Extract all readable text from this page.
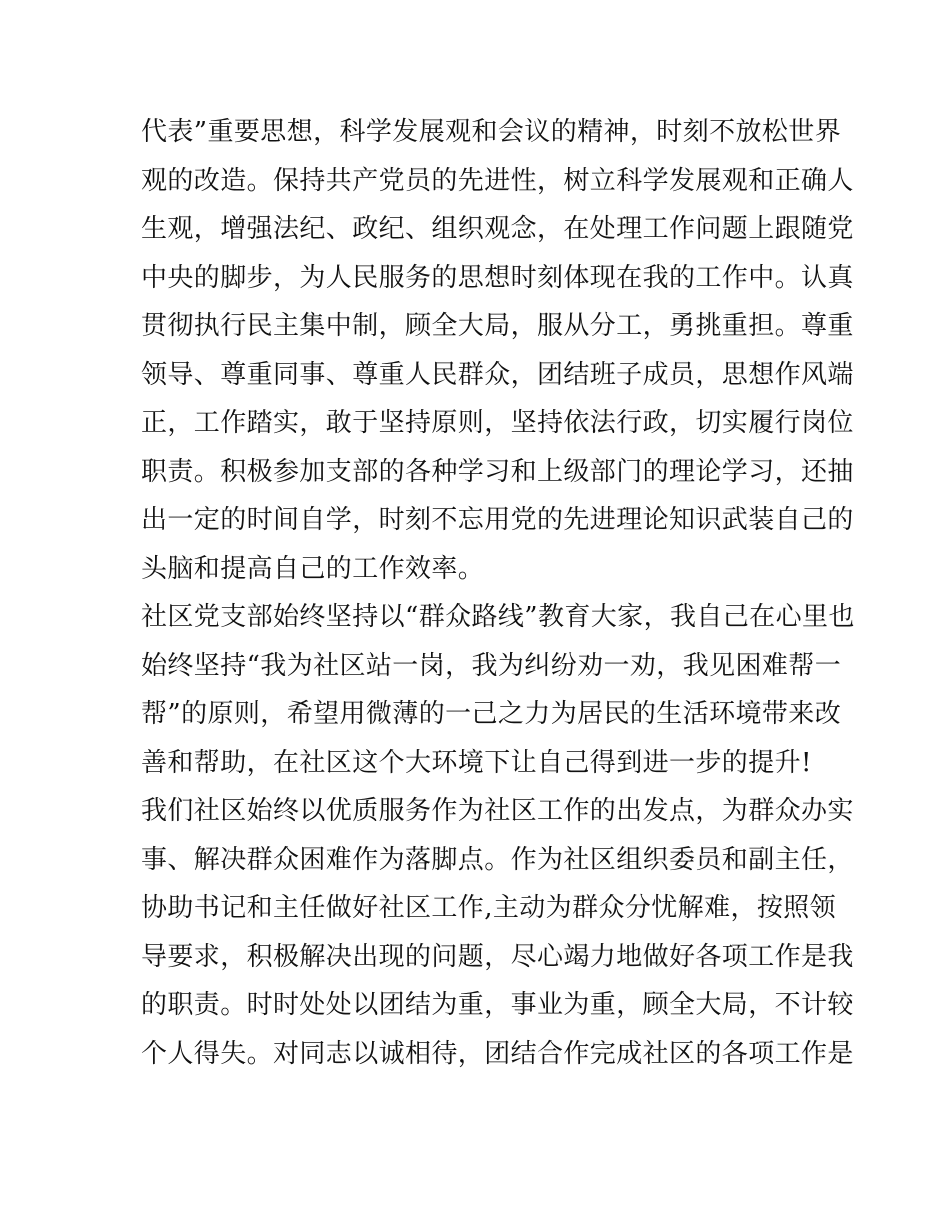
代表”重要思想，科学发展观和会议的精神，时刻不放松世界
观的改造。保持共产党员的先进性，树立科学发展观和正确人
生观，增强法纪、政纪、组织观念，在处理工作问题上跟随党
中央的脚步，为人民服务的思想时刻体现在我的工作中。认真
贯彻执行民主集中制，顾全大局，服从分工，勇挑重担。尊重
领导、尊重同事、尊重人民群众，团结班子成员，思想作风端
正，工作踏实，敢于坚持原则，坚持依法行政，切实履行岗位
职责。积极参加支部的各种学习和上级部门的理论学习，还抽
出一定的时间自学，时刻不忘用党的先进理论知识武装自己的
头脑和提高自己的工作效率。
社区党支部始终坚持以“群众路线”教育大家，我自己在心里也
始终坚持“我为社区站一岗，我为纠纷劝一劝，我见困难帮一
帮”的原则，希望用微薄的一己之力为居民的生活环境带来改
善和帮助，在社区这个大环境下让自己得到进一步的提升!
我们社区始终以优质服务作为社区工作的出发点，为群众办实
事、解决群众困难作为落脚点。作为社区组织委员和副主任，
协助书记和主任做好社区工作,主动为群众分忧解难，按照领
导要求，积极解决出现的问题，尽心竭力地做好各项工作是我
的职责。时时处处以团结为重，事业为重，顾全大局，不计较
个人得失。对同志以诚相待，团结合作完成社区的各项工作是
